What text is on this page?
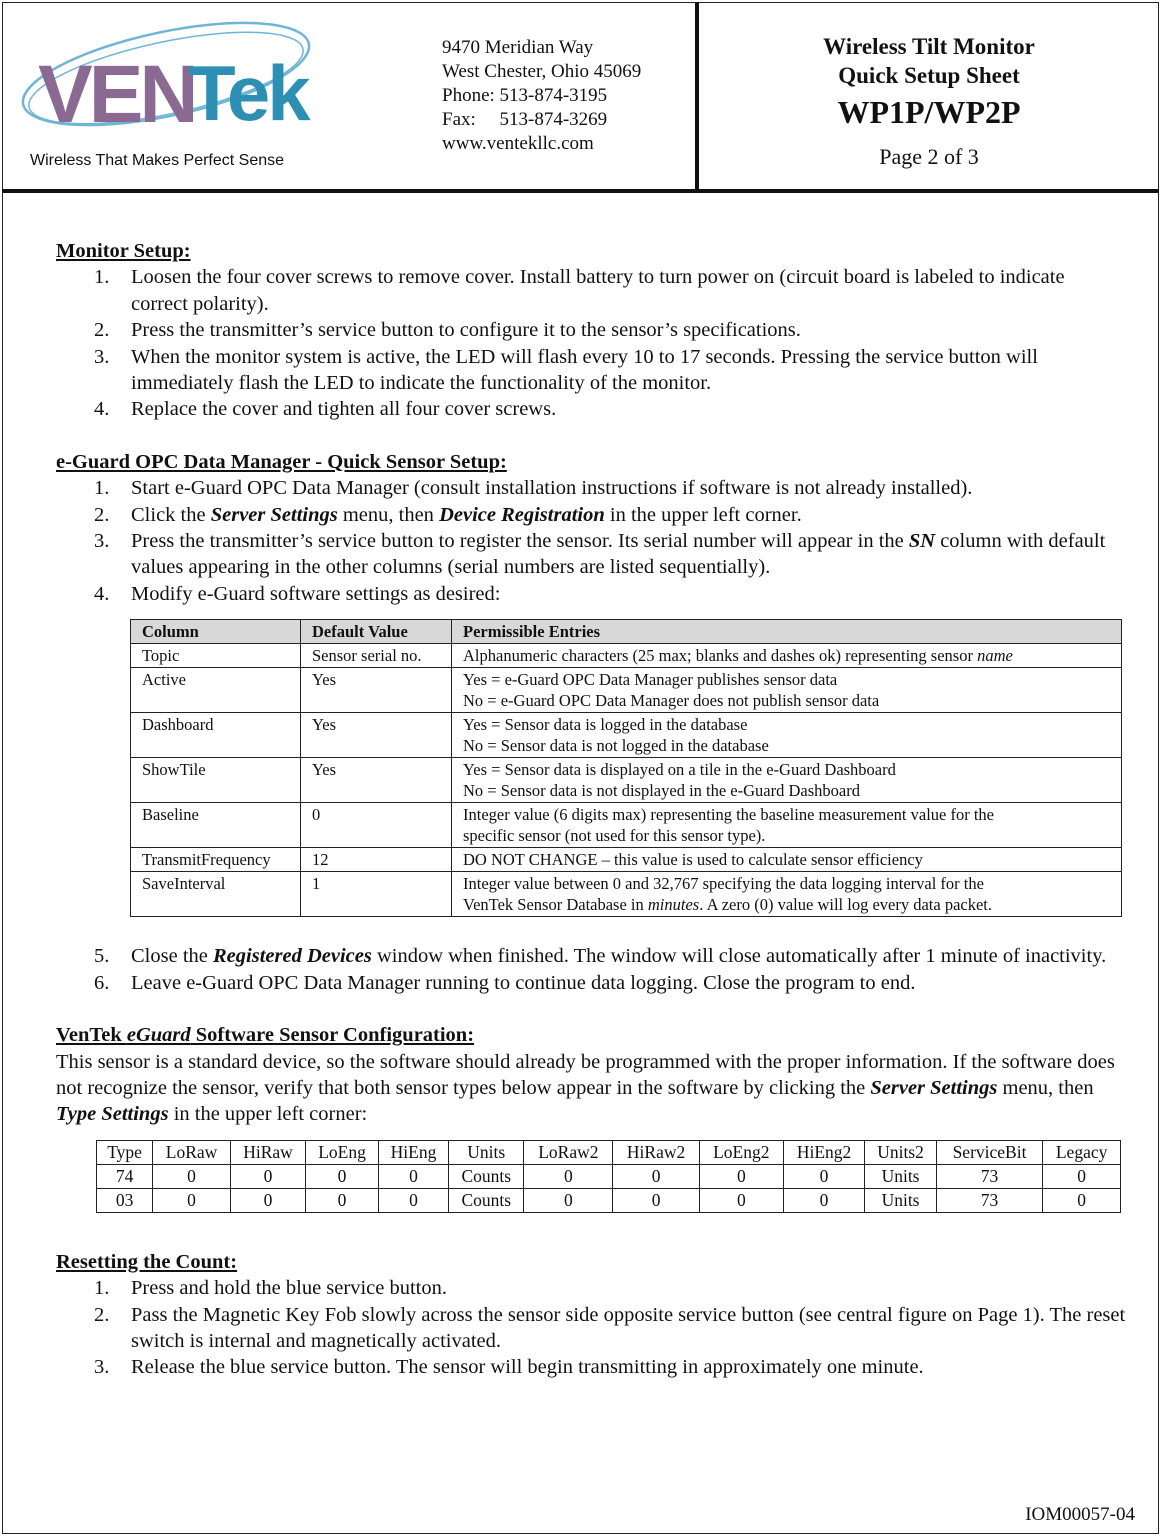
VEN
Tek
Wireless That Makes Perfect Sense
9470 Meridian Way
West Chester, Ohio 45069
Phone: 513-874-3195
Fax:     513-874-3269
www.ventekllc.com
Wireless Tilt Monitor
Quick Setup Sheet
WP1P/WP2P
Page 2 of 3
Monitor Setup:
1. Loosen the four cover screws to remove cover. Install battery to turn power on (circuit board is labeled to indicate correct polarity).
2. Press the transmitter’s service button to configure it to the sensor’s specifications.
3. When the monitor system is active, the LED will flash every 10 to 17 seconds. Pressing the service button will immediately flash the LED to indicate the functionality of the monitor.
4. Replace the cover and tighten all four cover screws.
e-Guard OPC Data Manager - Quick Sensor Setup:
1. Start e-Guard OPC Data Manager (consult installation instructions if software is not already installed).
2. Click the Server Settings menu, then Device Registration in the upper left corner.
3. Press the transmitter’s service button to register the sensor. Its serial number will appear in the SN column with default values appearing in the other columns (serial numbers are listed sequentially).
4. Modify e-Guard software settings as desired:
Column	Default Value	Permissible Entries
Topic	Sensor serial no.	Alphanumeric characters (25 max; blanks and dashes ok) representing sensor name
Active	Yes	Yes = e-Guard OPC Data Manager publishes sensor data
No = e-Guard OPC Data Manager does not publish sensor data

Dashboard	Yes	Yes = Sensor data is logged in the database
No = Sensor data is not logged in the database

ShowTile	Yes	Yes = Sensor data is displayed on a tile in the e-Guard Dashboard
No = Sensor data is not displayed in the e-Guard Dashboard

Baseline	0	Integer value (6 digits max) representing the baseline measurement value for the
specific sensor (not used for this sensor type).

TransmitFrequency	12	DO NOT CHANGE – this value is used to calculate sensor efficiency
SaveInterval	1	Integer value between 0 and 32,767 specifying the data logging interval for the
VenTek Sensor Database in minutes. A zero (0) value will log every data packet.
5. Close the Registered Devices window when finished. The window will close automatically after 1 minute of inactivity.
6. Leave e-Guard OPC Data Manager running to continue data logging. Close the program to end.
VenTek eGuard Software Sensor Configuration:
This sensor is a standard device, so the software should already be programmed with the proper information. If the software does not recognize the sensor, verify that both sensor types below appear in the software by clicking the Server Settings menu, then Type Settings in the upper left corner:
Type	LoRaw	HiRaw	LoEng	HiEng	Units	LoRaw2	HiRaw2	LoEng2	HiEng2	Units2	ServiceBit	Legacy
74	0	0	0	0	Counts	0	0	0	0	Units	73	0
03	0	0	0	0	Counts	0	0	0	0	Units	73	0
Resetting the Count:
1. Press and hold the blue service button.
2. Pass the Magnetic Key Fob slowly across the sensor side opposite service button (see central figure on Page 1). The reset switch is internal and magnetically activated.
3. Release the blue service button. The sensor will begin transmitting in approximately one minute.
IOM00057-04
